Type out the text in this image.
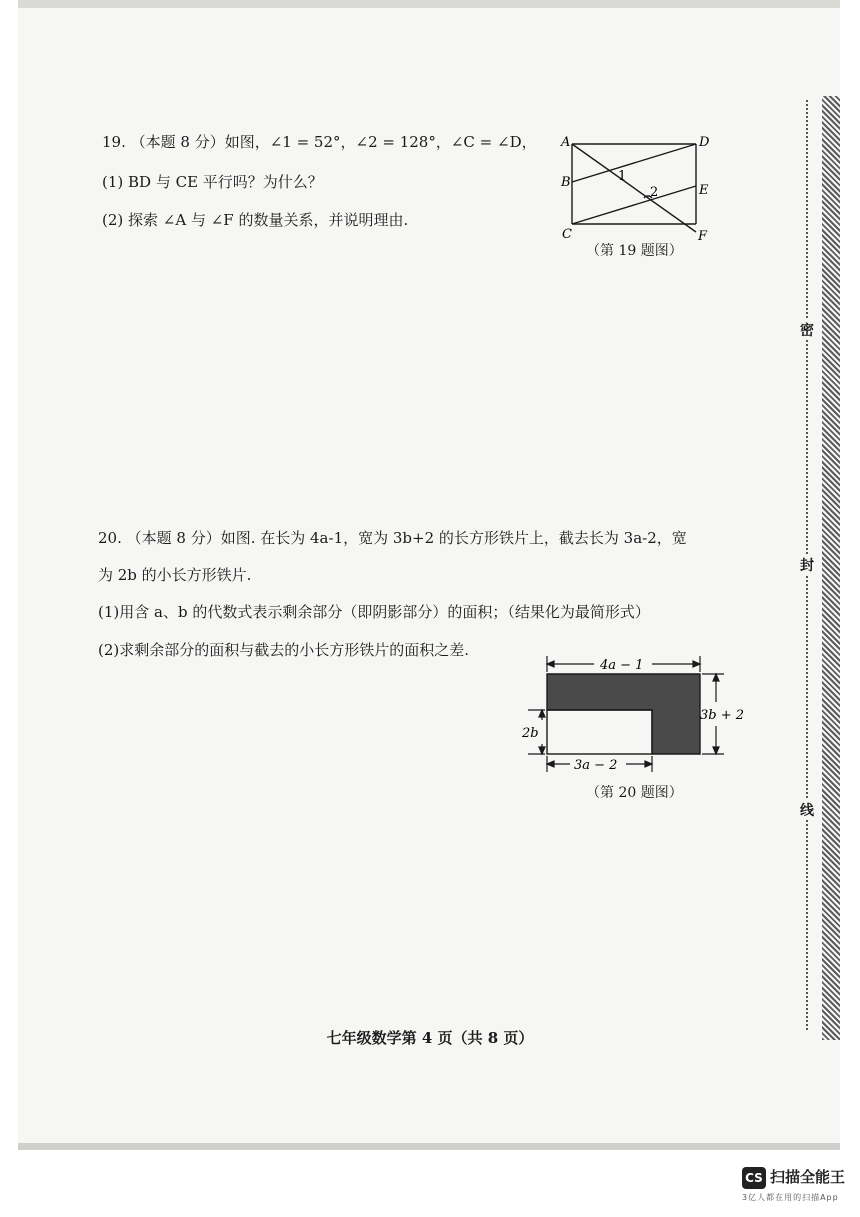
19. （本题 8 分）如图，∠1 = 52°，∠2 = 128°，∠C = ∠D，
(1) BD 与 CE 平行吗？为什么？
(2) 探索 ∠A 与 ∠F 的数量关系，并说明理由.
A	D
B
E
C	F
1
2
（第 19 题图）
20. （本题 8 分）如图. 在长为 4a-1，宽为 3b+2 的长方形铁片上，截去长为 3a-2，宽
为 2b 的小长方形铁片.
(1)用含 a、b 的代数式表示剩余部分（即阴影部分）的面积；（结果化为最简形式）
(2)求剩余部分的面积与截去的小长方形铁片的面积之差.
4a − 1
3b + 2
2b
3a − 2
（第 20 题图）
七年级数学第 4 页（共 8 页）
密
封
线
CS 扫描全能王
3亿人都在用的扫描App
